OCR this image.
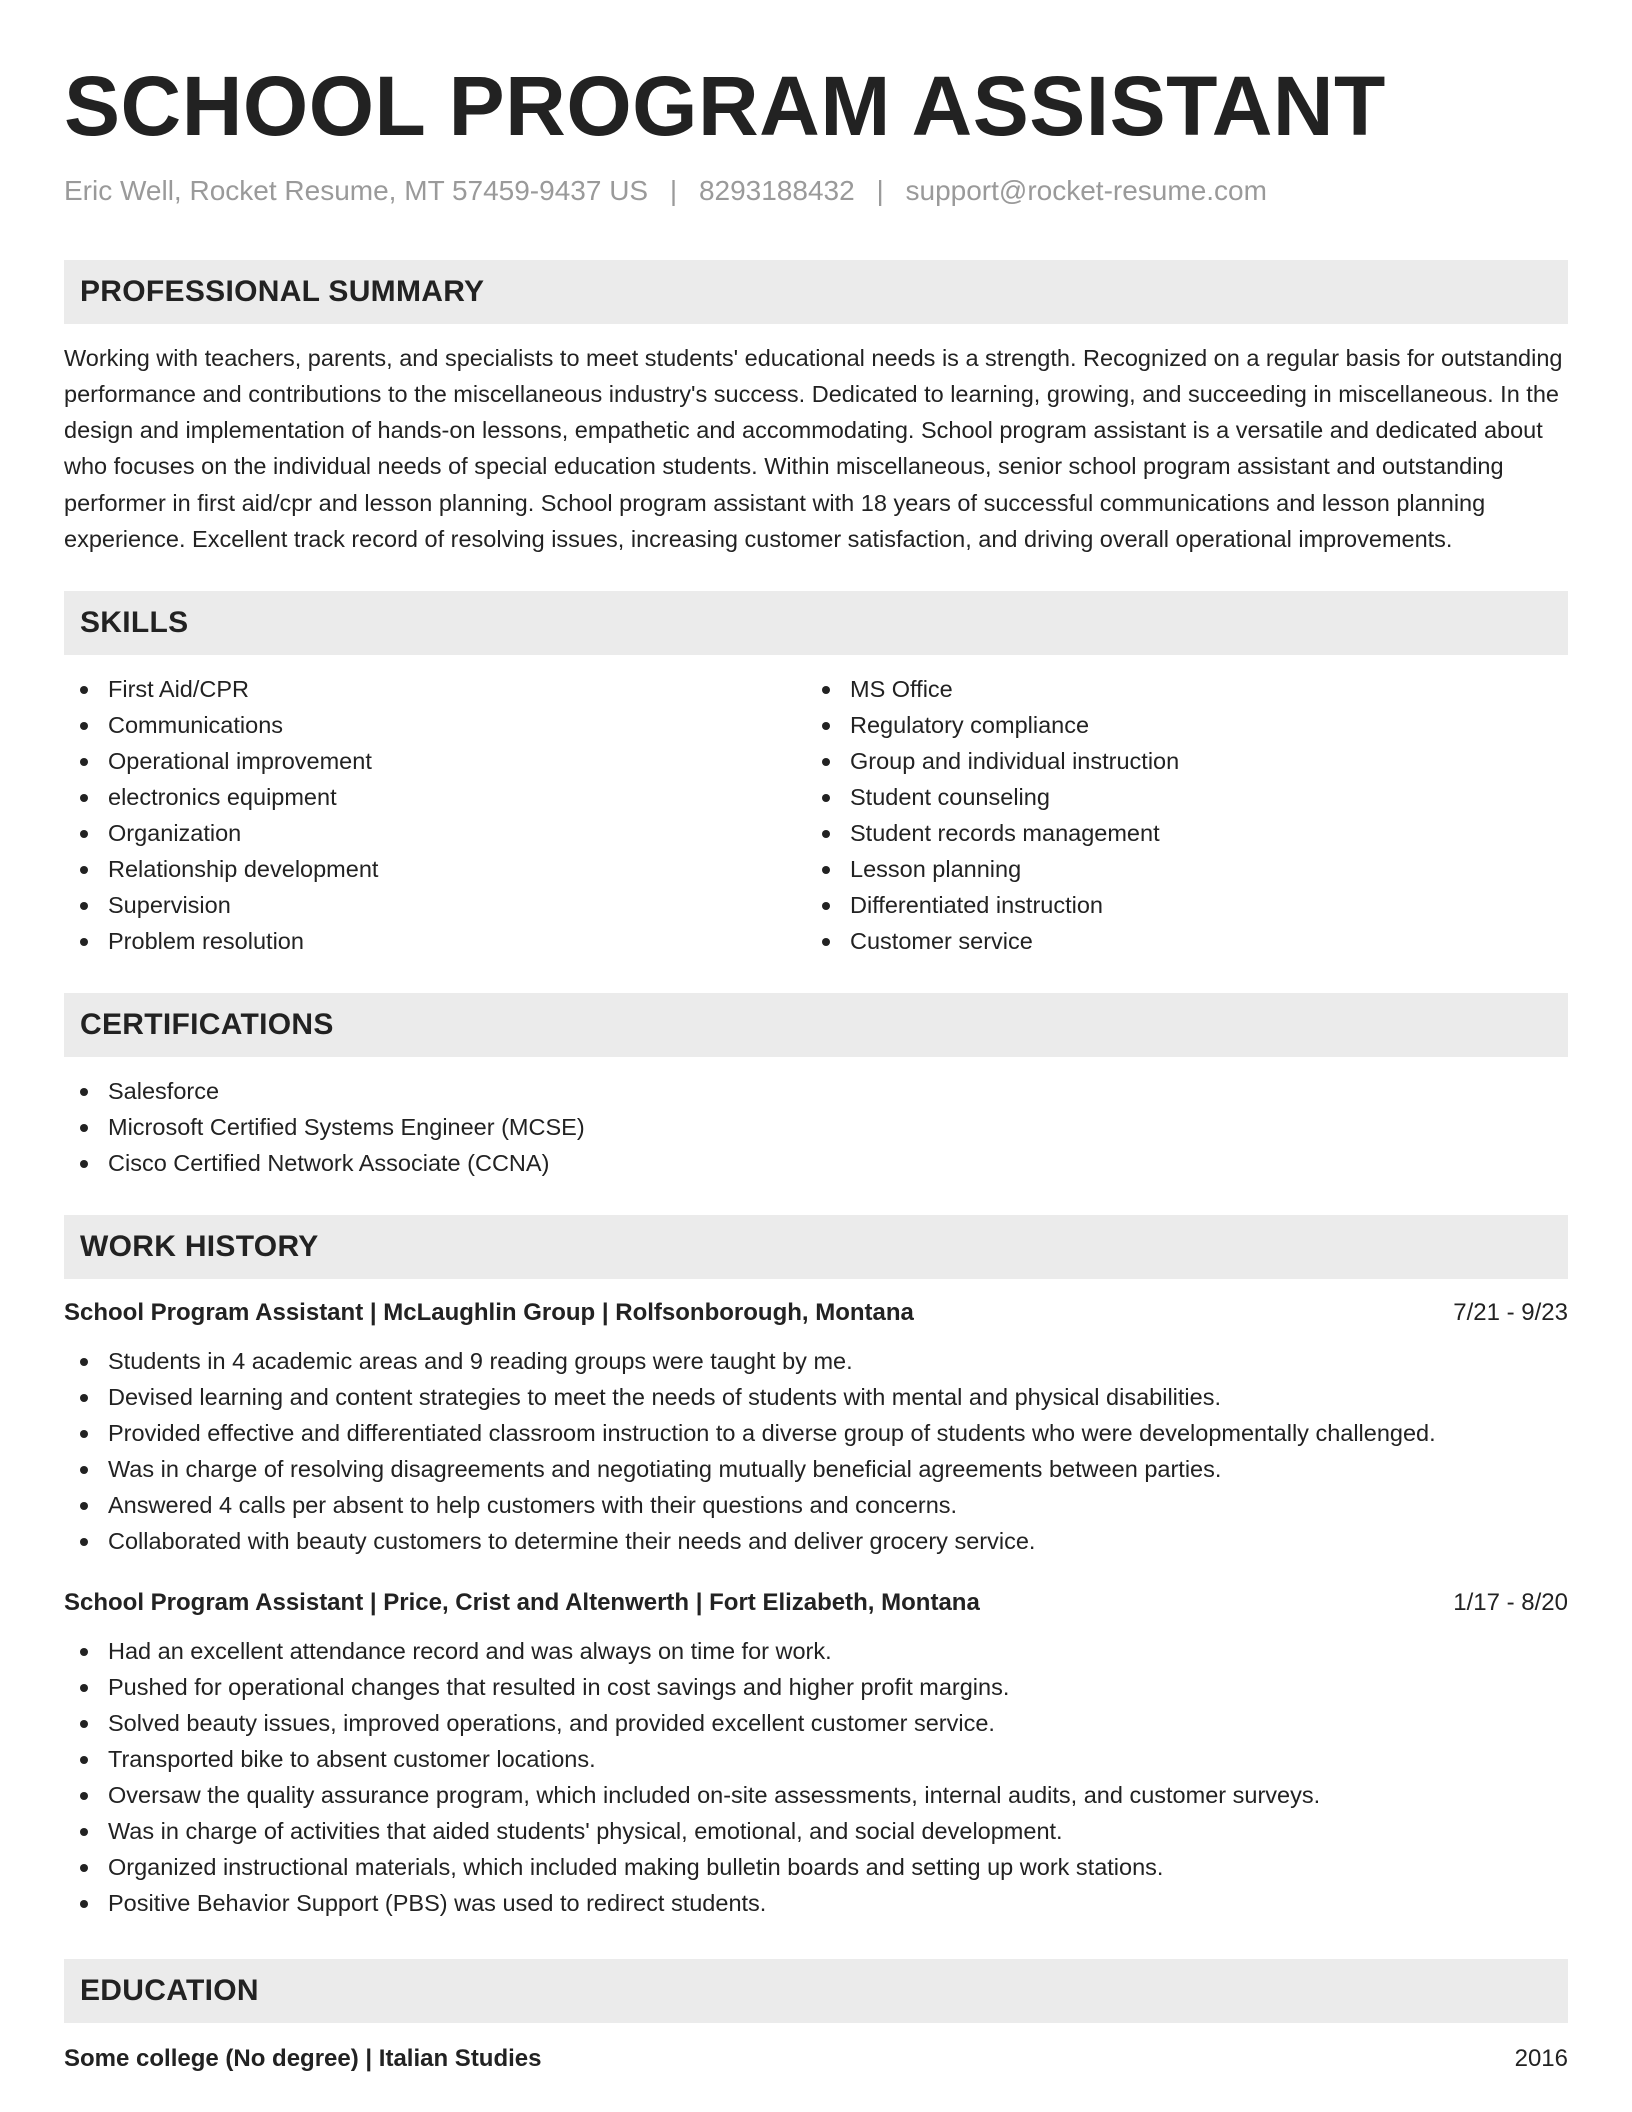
SCHOOL PROGRAM ASSISTANT
Eric Well, Rocket Resume, MT 57459-9437 US | 8293188432 | support@rocket-resume.com
PROFESSIONAL SUMMARY

Working with teachers, parents, and specialists to meet students' educational needs is a strength. Recognized on a regular basis for outstanding performance and contributions to the miscellaneous industry's success. Dedicated to learning, growing, and succeeding in miscellaneous. In the design and implementation of hands-on lessons, empathetic and accommodating. School program assistant is a versatile and dedicated about who focuses on the individual needs of special education students. Within miscellaneous, senior school program assistant and outstanding performer in first aid/cpr and lesson planning. School program assistant with 18 years of successful communications and lesson planning experience. Excellent track record of resolving issues, increasing customer satisfaction, and driving overall operational improvements.

SKILLS
First Aid/CPR
Communications
Operational improvement
electronics equipment
Organization
Relationship development
Supervision
Problem resolution
MS Office
Regulatory compliance
Group and individual instruction
Student counseling
Student records management
Lesson planning
Differentiated instruction
Customer service
CERTIFICATIONS
Salesforce
Microsoft Certified Systems Engineer (MCSE)
Cisco Certified Network Associate (CCNA)
WORK HISTORY
School Program Assistant | McLaughlin Group | Rolfsonborough, Montana	7/21 - 9/23
Students in 4 academic areas and 9 reading groups were taught by me.
Devised learning and content strategies to meet the needs of students with mental and physical disabilities.
Provided effective and differentiated classroom instruction to a diverse group of students who were developmentally challenged.
Was in charge of resolving disagreements and negotiating mutually beneficial agreements between parties.
Answered 4 calls per absent to help customers with their questions and concerns.
Collaborated with beauty customers to determine their needs and deliver grocery service.
School Program Assistant | Price, Crist and Altenwerth | Fort Elizabeth, Montana	1/17 - 8/20
Had an excellent attendance record and was always on time for work.
Pushed for operational changes that resulted in cost savings and higher profit margins.
Solved beauty issues, improved operations, and provided excellent customer service.
Transported bike to absent customer locations.
Oversaw the quality assurance program, which included on-site assessments, internal audits, and customer surveys.
Was in charge of activities that aided students' physical, emotional, and social development.
Organized instructional materials, which included making bulletin boards and setting up work stations.
Positive Behavior Support (PBS) was used to redirect students.
EDUCATION
Some college (No degree) | Italian Studies	2016
